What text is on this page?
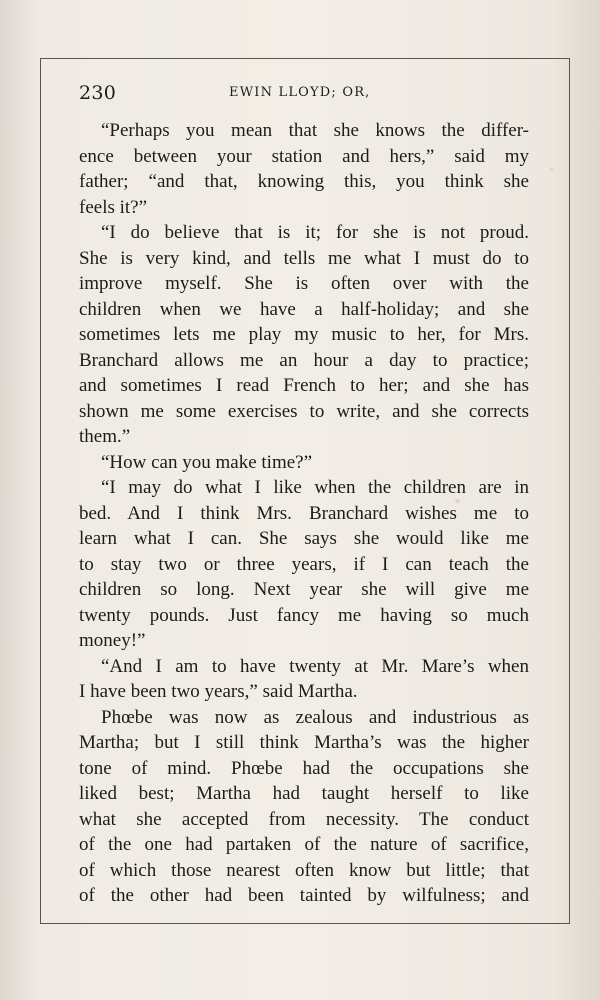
230	EWIN LLOYD; OR,

“Perhaps you mean that she knows the differ-
ence between your station and hers,” said my
father; “and that, knowing this, you think she
feels it?”

“I do believe that is it; for she is not proud.
She is very kind, and tells me what I must do to
improve myself. She is often over with the
children when we have a half-holiday; and she
sometimes lets me play my music to her, for Mrs.
Branchard allows me an hour a day to practice;
and sometimes I read French to her; and she has
shown me some exercises to write, and she corrects
them.”

“How can you make time?”

“I may do what I like when the children are in
bed. And I think Mrs. Branchard wishes me to
learn what I can. She says she would like me
to stay two or three years, if I can teach the
children so long. Next year she will give me
twenty pounds. Just fancy me having so much
money!”

“And I am to have twenty at Mr. Mare’s when
I have been two years,” said Martha.

Phœbe was now as zealous and industrious as
Martha; but I still think Martha’s was the higher
tone of mind. Phœbe had the occupations she
liked best; Martha had taught herself to like
what she accepted from necessity. The conduct
of the one had partaken of the nature of sacrifice,
of which those nearest often know but little; that
of the other had been tainted by wilfulness; and
